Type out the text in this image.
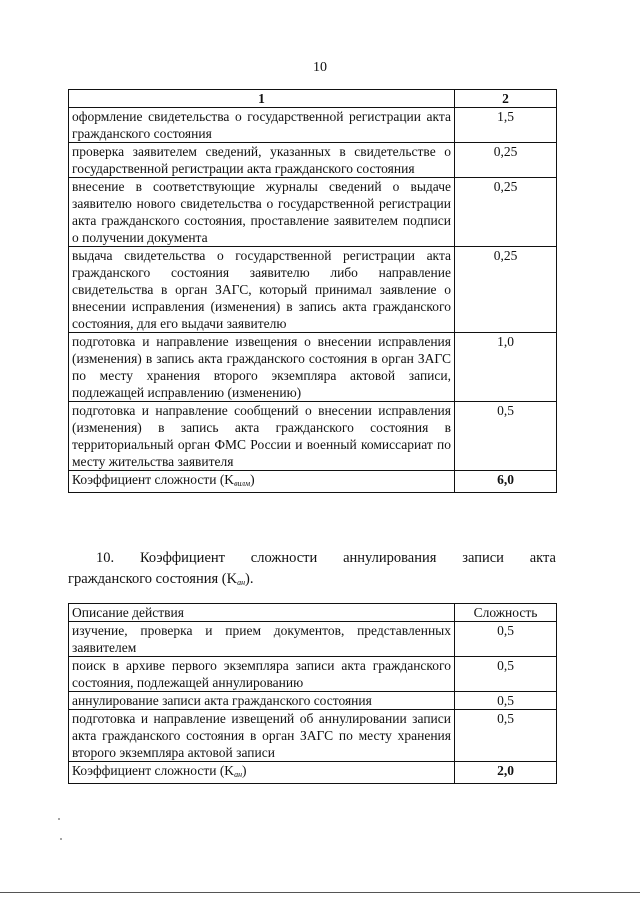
10
1	2
оформление свидетельства о государственной регистрации акта гражданского состояния	1,5
проверка заявителем сведений, указанных в свидетельстве о государственной регистрации акта гражданского состояния	0,25
внесение в соответствующие журналы сведений о выдаче заявителю нового свидетельства о государственной регистрации акта гражданского состояния, проставление заявителем подписи о получении документа	0,25
выдача свидетельства о государственной регистрации акта гражданского состояния заявителю либо направление свидетельства в орган ЗАГС, который принимал заявление о внесении исправления (изменения) в запись акта гражданского состояния, для его выдачи заявителю	0,25
подготовка и направление извещения о внесении исправления (изменения) в запись акта гражданского состояния в орган ЗАГС по месту хранения второго экземпляра актовой записи, подлежащей исправлению (изменению)	1,0
подготовка и направление сообщений о внесении исправления (изменения) в запись акта гражданского состояния в территориальный орган ФМС России и военный комиссариат по месту жительства заявителя	0,5
Коэффициент сложности $(K_{вилм})$	6,0
10. Коэффициент сложности аннулирования записи акта
гражданского состояния $(K_{ан})$.
Описание действия	Сложность
изучение, проверка и прием документов, представленных заявителем	0,5
поиск в архиве первого экземпляра записи акта гражданского состояния, подлежащей аннулированию	0,5
аннулирование записи акта гражданского состояния	0,5
подготовка и направление извещений об аннулировании записи акта гражданского состояния в орган ЗАГС по месту хранения второго экземпляра актовой записи	0,5
Коэффициент сложности $(K_{ан})$	2,0
